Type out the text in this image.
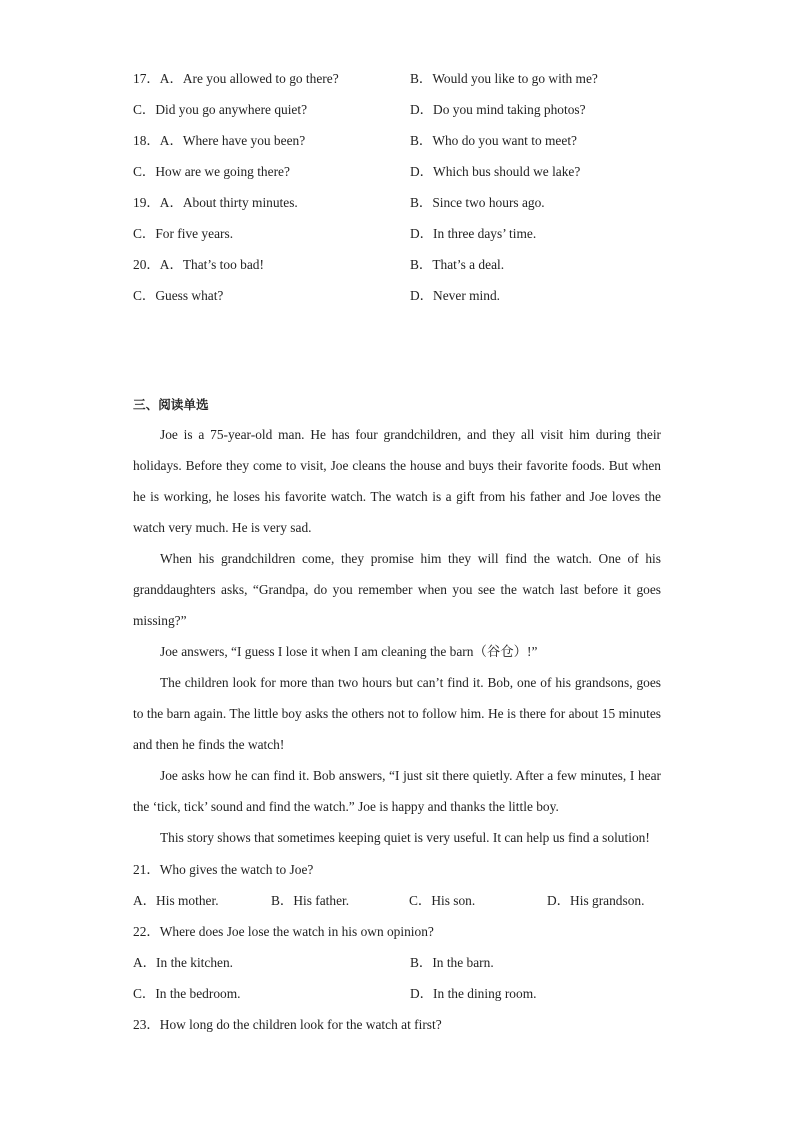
17．A．Are you allowed to go there?	B．Would you like to go with me?
C．Did you go anywhere quiet?	D．Do you mind taking photos?
18．A．Where have you been?	B．Who do you want to meet?
C．How are we going there?	D．Which bus should we lake?
19．A．About thirty minutes.	B．Since two hours ago.
C．For five years.	D．In three days’ time.
20．A．That’s too bad!	B．That’s a deal.
C．Guess what?	D．Never mind.
三、阅读单选

Joe is a 75-year-old man. He has four grandchildren, and they all visit him during their holidays. Before they come to visit, Joe cleans the house and buys their favorite foods. But when he is working, he loses his favorite watch. The watch is a gift from his father and Joe loves the watch very much. He is very sad.

When his grandchildren come, they promise him they will find the watch. One of his granddaughters asks, “Grandpa, do you remember when you see the watch last before it goes missing?”

Joe answers, “I guess I lose it when I am cleaning the barn（谷仓）!”

The children look for more than two hours but can’t find it. Bob, one of his grandsons, goes to the barn again. The little boy asks the others not to follow him. He is there for about 15 minutes and then he finds the watch!

Joe asks how he can find it. Bob answers, “I just sit there quietly. After a few minutes, I hear the ‘tick, tick’ sound and find the watch.” Joe is happy and thanks the little boy.

This story shows that sometimes keeping quiet is very useful. It can help us find a solution!

21．Who gives the watch to Joe?
A．His mother.	B．His father.	C．His son.	D．His grandson.
22．Where does Joe lose the watch in his own opinion?
A．In the kitchen.	B．In the barn.
C．In the bedroom.	D．In the dining room.
23．How long do the children look for the watch at first?
